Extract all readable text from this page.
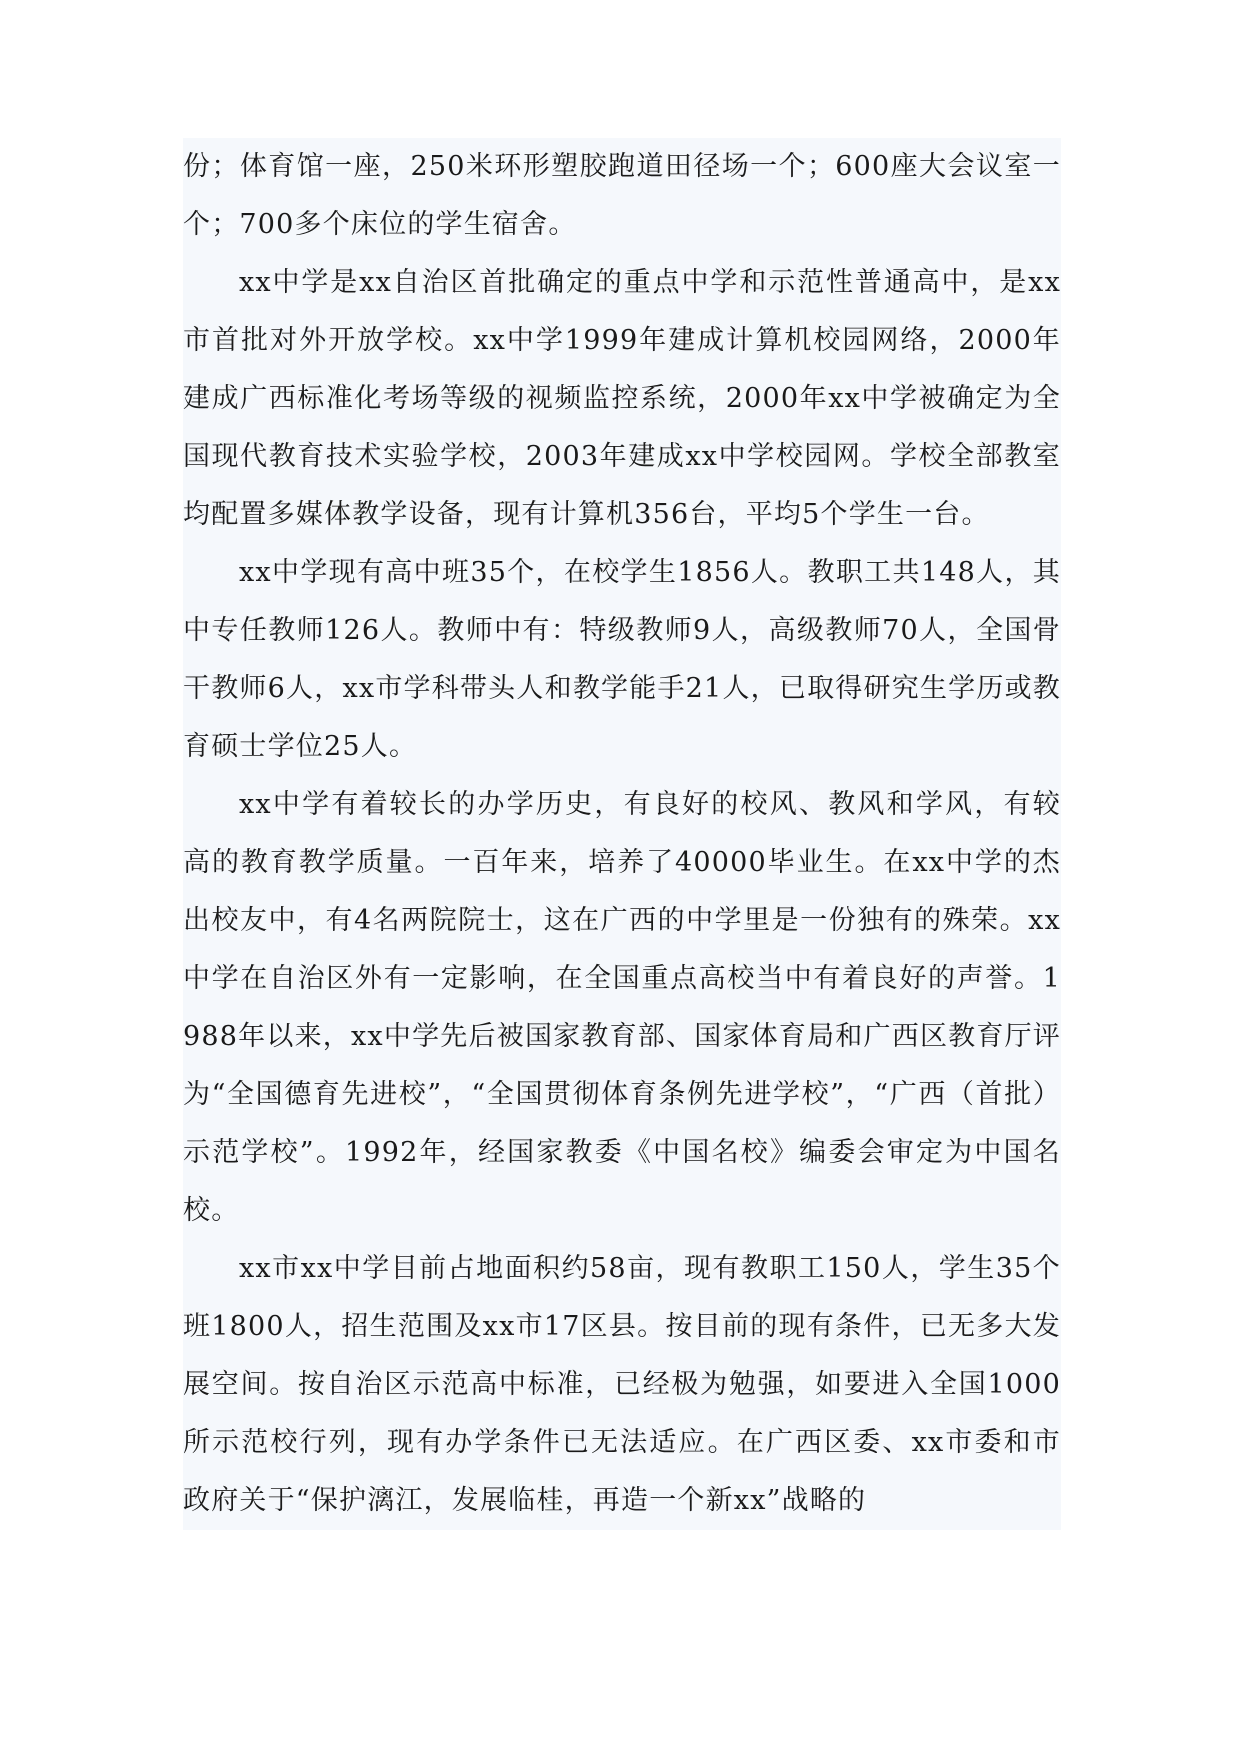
份；体育馆一座，250米环形塑胶跑道田径场一个；600座大会议室一个；700多个床位的学生宿舍。

xx中学是xx自治区首批确定的重点中学和示范性普通高中，是xx市首批对外开放学校。xx中学1999年建成计算机校园网络，2000年建成广西标准化考场等级的视频监控系统，2000年xx中学被确定为全国现代教育技术实验学校，2003年建成xx中学校园网。学校全部教室均配置多媒体教学设备，现有计算机356台，平均5个学生一台。

xx中学现有高中班35个，在校学生1856人。教职工共148人，其中专任教师126人。教师中有：特级教师9人，高级教师70人，全国骨干教师6人，xx市学科带头人和教学能手21人，已取得研究生学历或教育硕士学位25人。

xx中学有着较长的办学历史，有良好的校风、教风和学风，有较高的教育教学质量。一百年来，培养了40000毕业生。在xx中学的杰出校友中，有4名两院院士，这在广西的中学里是一份独有的殊荣。xx中学在自治区外有一定影响，在全国重点高校当中有着良好的声誉。1988年以来，xx中学先后被国家教育部、国家体育局和广西区教育厅评为“全国德育先进校”，“全国贯彻体育条例先进学校”，“广西（首批）示范学校”。1992年，经国家教委《中国名校》编委会审定为中国名校。

xx市xx中学目前占地面积约58亩，现有教职工150人，学生35个班1800人，招生范围及xx市17区县。按目前的现有条件，已无多大发展空间。按自治区示范高中标准，已经极为勉强，如要进入全国1000所示范校行列，现有办学条件已无法适应。在广西区委、xx市委和市政府关于“保护漓江，发展临桂，再造一个新xx”战略的
